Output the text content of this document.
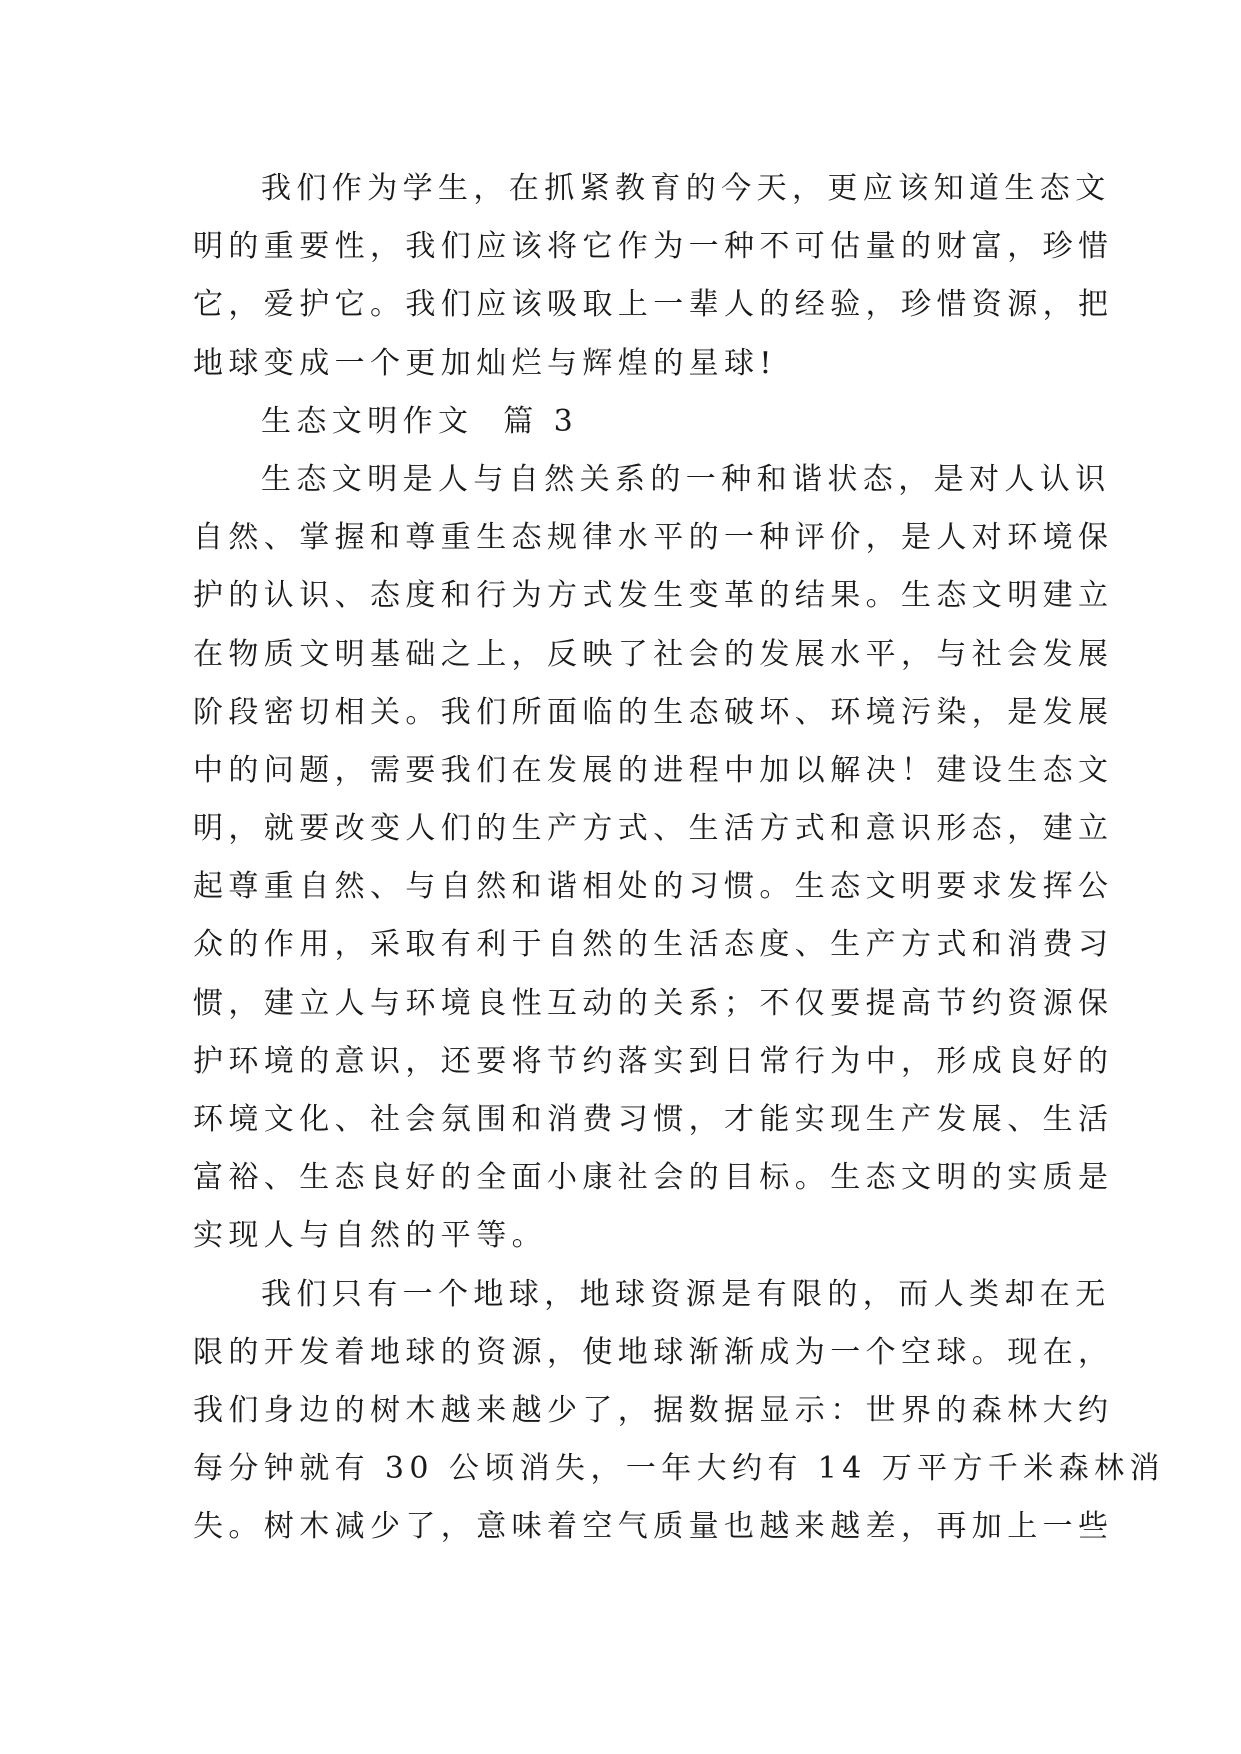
我们作为学生，在抓紧教育的今天，更应该知道生态文
明的重要性，我们应该将它作为一种不可估量的财富，珍惜
它，爱护它。我们应该吸取上一辈人的经验，珍惜资源，把
地球变成一个更加灿烂与辉煌的星球!
生态文明作文  篇 3
生态文明是人与自然关系的一种和谐状态，是对人认识
自然、掌握和尊重生态规律水平的一种评价，是人对环境保
护的认识、态度和行为方式发生变革的结果。生态文明建立
在物质文明基础之上，反映了社会的发展水平，与社会发展
阶段密切相关。我们所面临的生态破坏、环境污染，是发展
中的问题，需要我们在发展的进程中加以解决！建设生态文
明，就要改变人们的生产方式、生活方式和意识形态，建立
起尊重自然、与自然和谐相处的习惯。生态文明要求发挥公
众的作用，采取有利于自然的生活态度、生产方式和消费习
惯，建立人与环境良性互动的关系；不仅要提高节约资源保
护环境的意识，还要将节约落实到日常行为中，形成良好的
环境文化、社会氛围和消费习惯，才能实现生产发展、生活
富裕、生态良好的全面小康社会的目标。生态文明的实质是
实现人与自然的平等。
我们只有一个地球，地球资源是有限的，而人类却在无
限的开发着地球的资源，使地球渐渐成为一个空球。现在，
我们身边的树木越来越少了，据数据显示：世界的森林大约
每分钟就有 30 公顷消失，一年大约有 14 万平方千米森林消
失。树木减少了，意味着空气质量也越来越差，再加上一些
